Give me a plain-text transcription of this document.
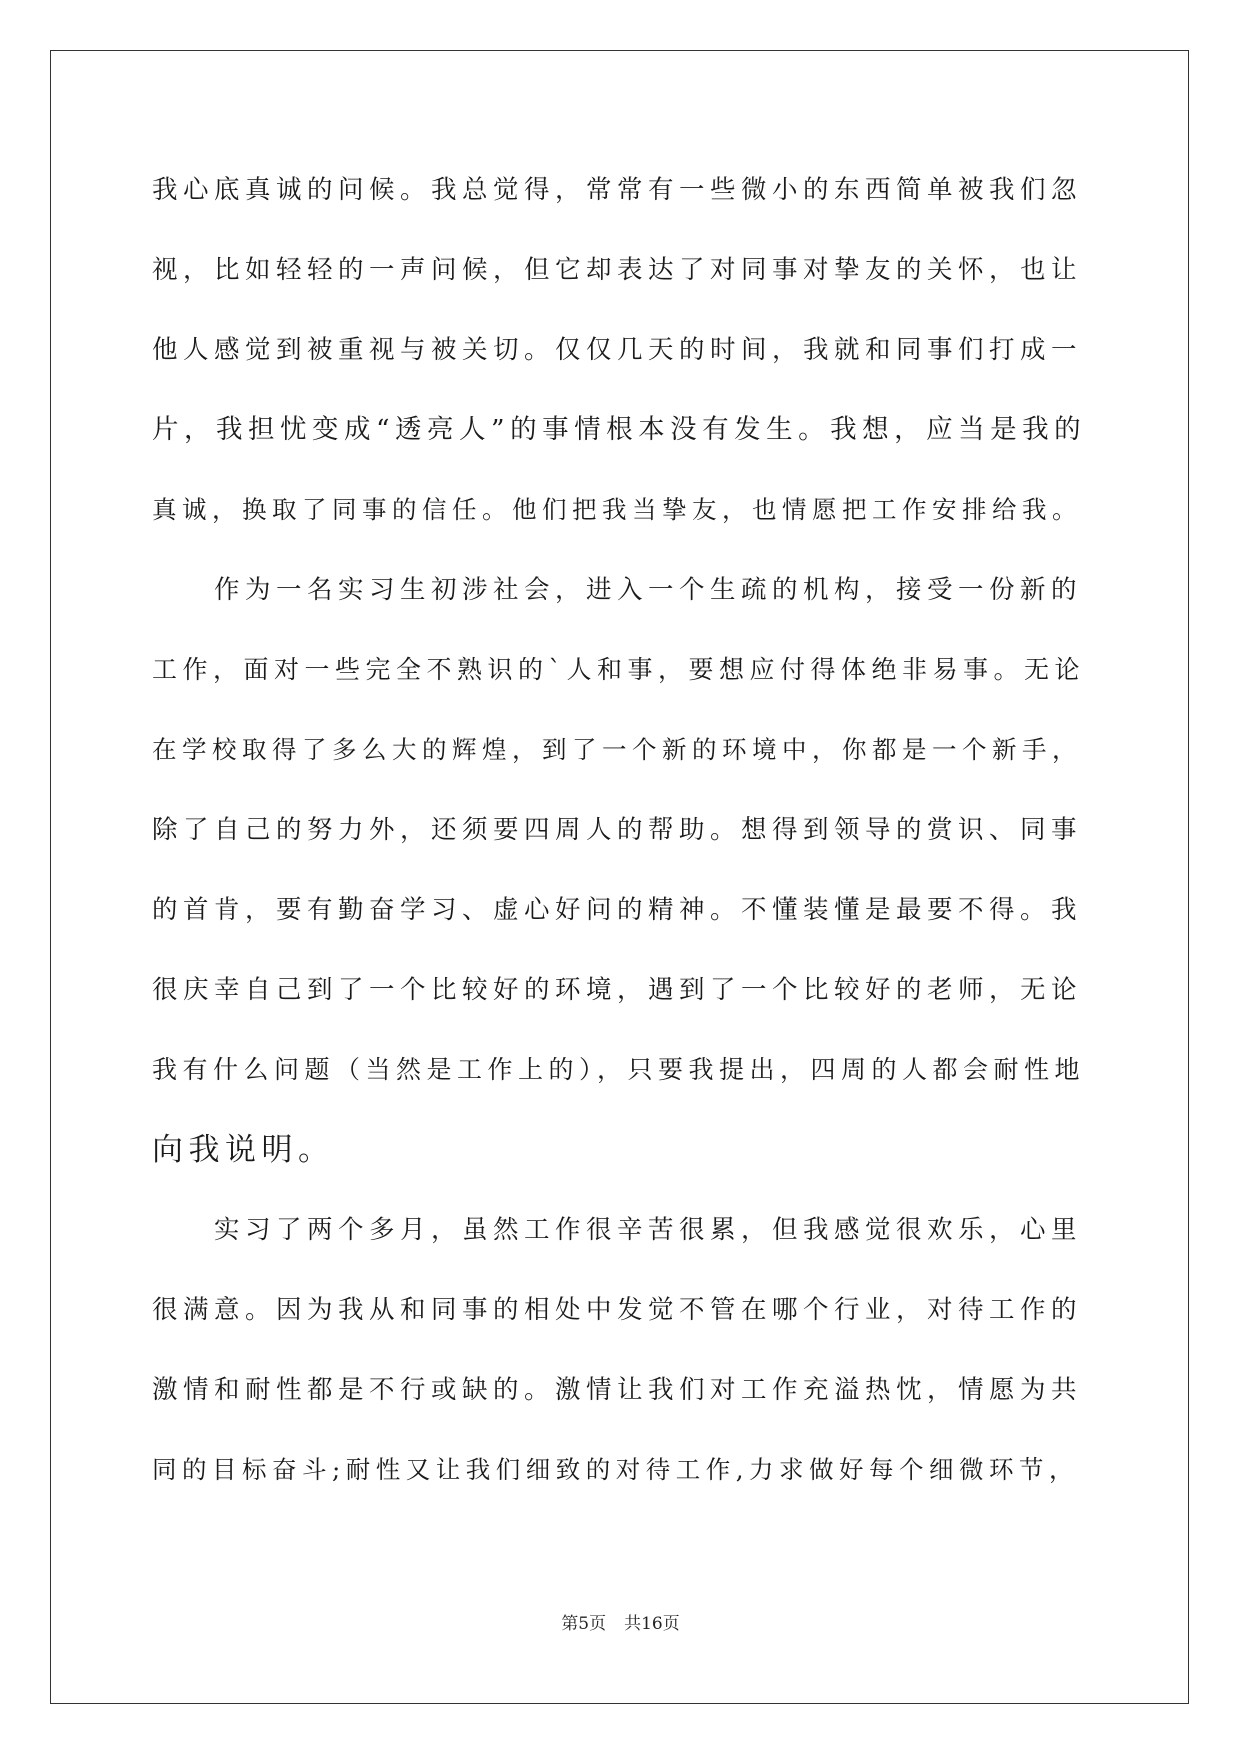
我心底真诚的问候。我总觉得，常常有一些微小的东西简单被我们忽
视，比如轻轻的一声问候，但它却表达了对同事对挚友的关怀，也让
他人感觉到被重视与被关切。仅仅几天的时间，我就和同事们打成一
片，我担忧变成“透亮人”的事情根本没有发生。我想，应当是我的
真诚，换取了同事的信任。他们把我当挚友，也情愿把工作安排给我。
作为一名实习生初涉社会，进入一个生疏的机构，接受一份新的
工作，面对一些完全不熟识的`人和事，要想应付得体绝非易事。无论
在学校取得了多么大的辉煌，到了一个新的环境中，你都是一个新手，
除了自己的努力外，还须要四周人的帮助。想得到领导的赏识、同事
的首肯，要有勤奋学习、虚心好问的精神。不懂装懂是最要不得。我
很庆幸自己到了一个比较好的环境，遇到了一个比较好的老师，无论
我有什么问题（当然是工作上的），只要我提出，四周的人都会耐性地
向我说明。
实习了两个多月，虽然工作很辛苦很累，但我感觉很欢乐，心里
很满意。因为我从和同事的相处中发觉不管在哪个行业，对待工作的
激情和耐性都是不行或缺的。激情让我们对工作充溢热忱，情愿为共
同的目标奋斗;耐性又让我们细致的对待工作,力求做好每个细微环节，
第5页 共16页
